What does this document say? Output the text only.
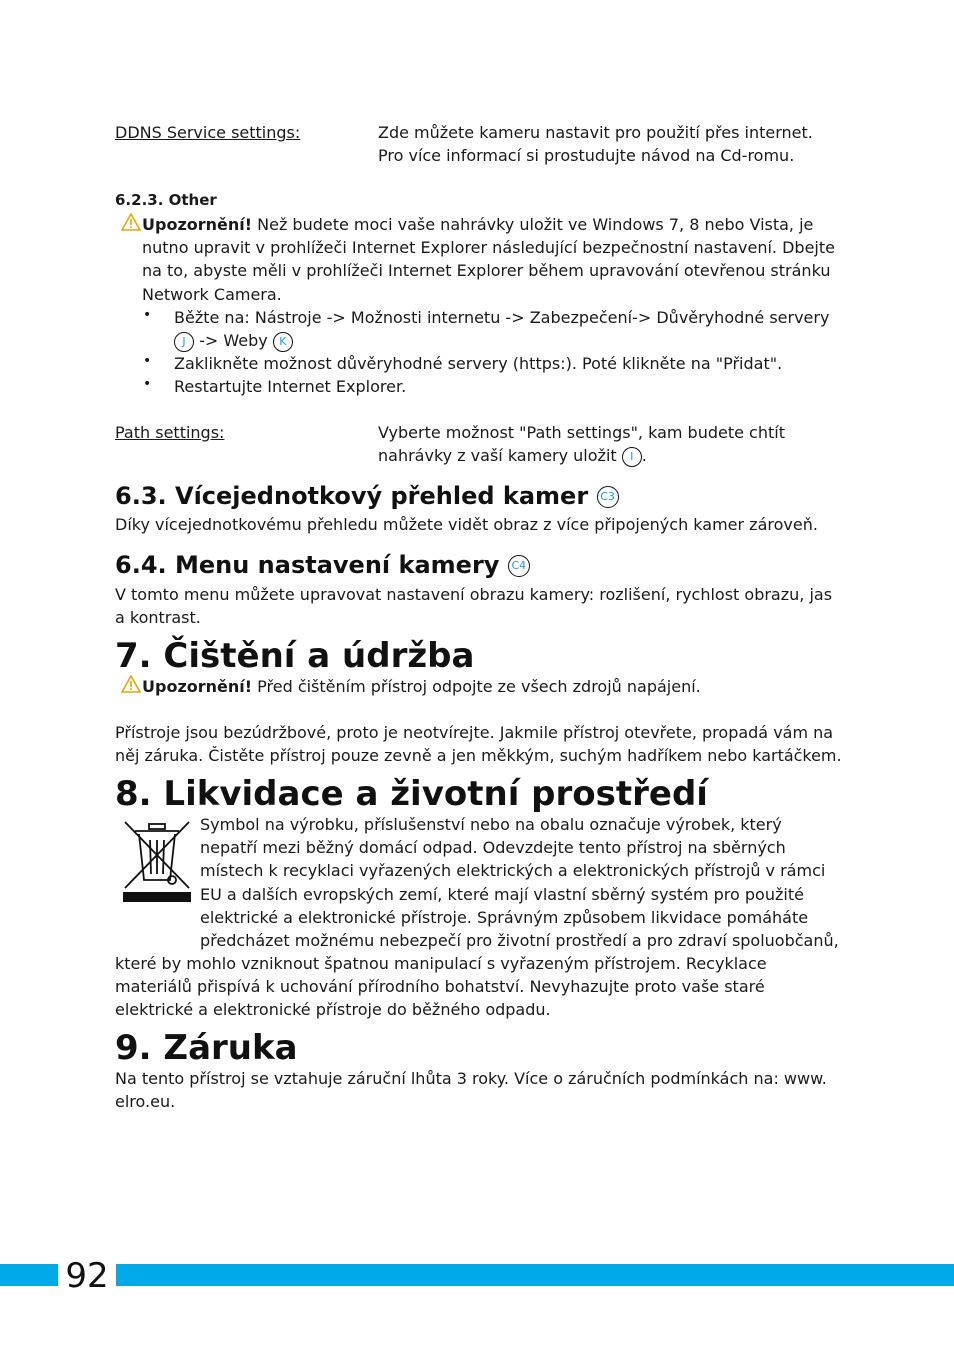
DDNS Service settings:	Zde můžete kameru nastavit pro použití přes internet.
Pro více informací si prostudujte návod na Cd-romu.
6.2.3. Other
Upozornění! Než budete moci vaše nahrávky uložit ve Windows 7, 8 nebo Vista, je
nutno upravit v prohlížeči Internet Explorer následující bezpečnostní nastavení. Dbejte
na to, abyste měli v prohlížeči Internet Explorer během upravování otevřenou stránku
Network Camera.
• Běžte na: Nástroje -> Možnosti internetu -> Zabezpečení-> Důvěryhodné servery
J -> Weby K
• Zaklikněte možnost důvěryhodné servery (https:). Poté klikněte na "Přidat".
• Restartujte Internet Explorer.
Path settings:	Vyberte možnost "Path settings", kam budete chtít
nahrávky z vaší kamery uložit I .
6.3. Vícejednotkový přehled kamer C3
Díky vícejednotkovému přehledu můžete vidět obraz z více připojených kamer zároveň.
6.4. Menu nastavení kamery C4
V tomto menu můžete upravovat nastavení obrazu kamery: rozlišení, rychlost obrazu, jas
a kontrast.
7. Čištění a údržba
Upozornění! Před čištěním přístroj odpojte ze všech zdrojů napájení.
Přístroje jsou bezúdržbové, proto je neotvírejte. Jakmile přístroj otevřete, propadá vám na
něj záruka. Čistěte přístroj pouze zevně a jen měkkým, suchým hadříkem nebo kartáčkem.
8. Likvidace a životní prostředí
Symbol na výrobku, příslušenství nebo na obalu označuje výrobek, který
nepatří mezi běžný domácí odpad. Odevzdejte tento přístroj na sběrných
místech k recyklaci vyřazených elektrických a elektronických přístrojů v rámci
EU a dalších evropských zemí, které mají vlastní sběrný systém pro použité
elektrické a elektronické přístroje. Správným způsobem likvidace pomáháte
předcházet možnému nebezpečí pro životní prostředí a pro zdraví spoluobčanů,
které by mohlo vzniknout špatnou manipulací s vyřazeným přístrojem. Recyklace
materiálů přispívá k uchování přírodního bohatství. Nevyhazujte proto vaše staré
elektrické a elektronické přístroje do běžného odpadu.
9. Záruka
Na tento přístroj se vztahuje záruční lhůta 3 roky. Více o záručních podmínkách na: www.
elro.eu.
92
